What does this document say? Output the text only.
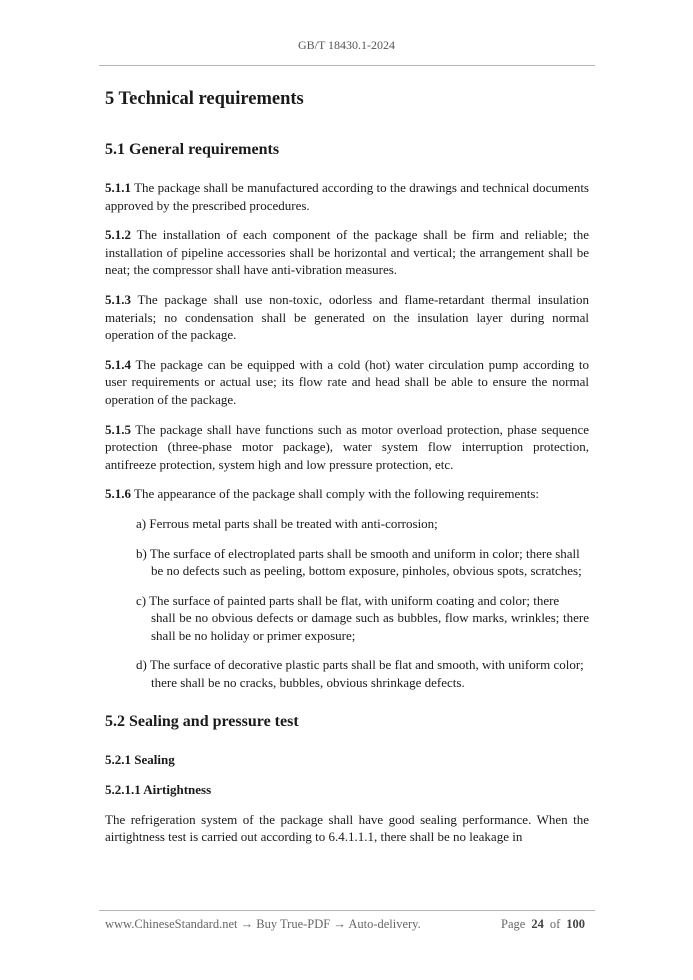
GB/T 18430.1-2024
5 Technical requirements
5.1 General requirements

5.1.1 The package shall be manufactured according to the drawings and technical documents approved by the prescribed procedures.

5.1.2 The installation of each component of the package shall be firm and reliable; the installation of pipeline accessories shall be horizontal and vertical; the arrangement shall be neat; the compressor shall have anti-vibration measures.

5.1.3 The package shall use non-toxic, odorless and flame-retardant thermal insulation materials; no condensation shall be generated on the insulation layer during normal operation of the package.

5.1.4 The package can be equipped with a cold (hot) water circulation pump according to user requirements or actual use; its flow rate and head shall be able to ensure the normal operation of the package.

5.1.5 The package shall have functions such as motor overload protection, phase sequence protection (three-phase motor package), water system flow interruption protection, antifreeze protection, system high and low pressure protection, etc.

5.1.6 The appearance of the package shall comply with the following requirements:

a) Ferrous metal parts shall be treated with anti-corrosion;
b) The surface of electroplated parts shall be smooth and uniform in color; there shall
be no defects such as peeling, bottom exposure, pinholes, obvious spots, scratches;
c) The surface of painted parts shall be flat, with uniform coating and color; there
shall be no obvious defects or damage such as bubbles, flow marks, wrinkles; there shall be no holiday or primer exposure;
d) The surface of decorative plastic parts shall be flat and smooth, with uniform color;
there shall be no cracks, bubbles, obvious shrinkage defects.
5.2 Sealing and pressure test
5.2.1 Sealing
5.2.1.1 Airtightness

The refrigeration system of the package shall have good sealing performance. When the airtightness test is carried out according to 6.4.1.1.1, there shall be no leakage in

www.ChineseStandard.net → Buy True-PDF → Auto-delivery.	Page 24 of 100
